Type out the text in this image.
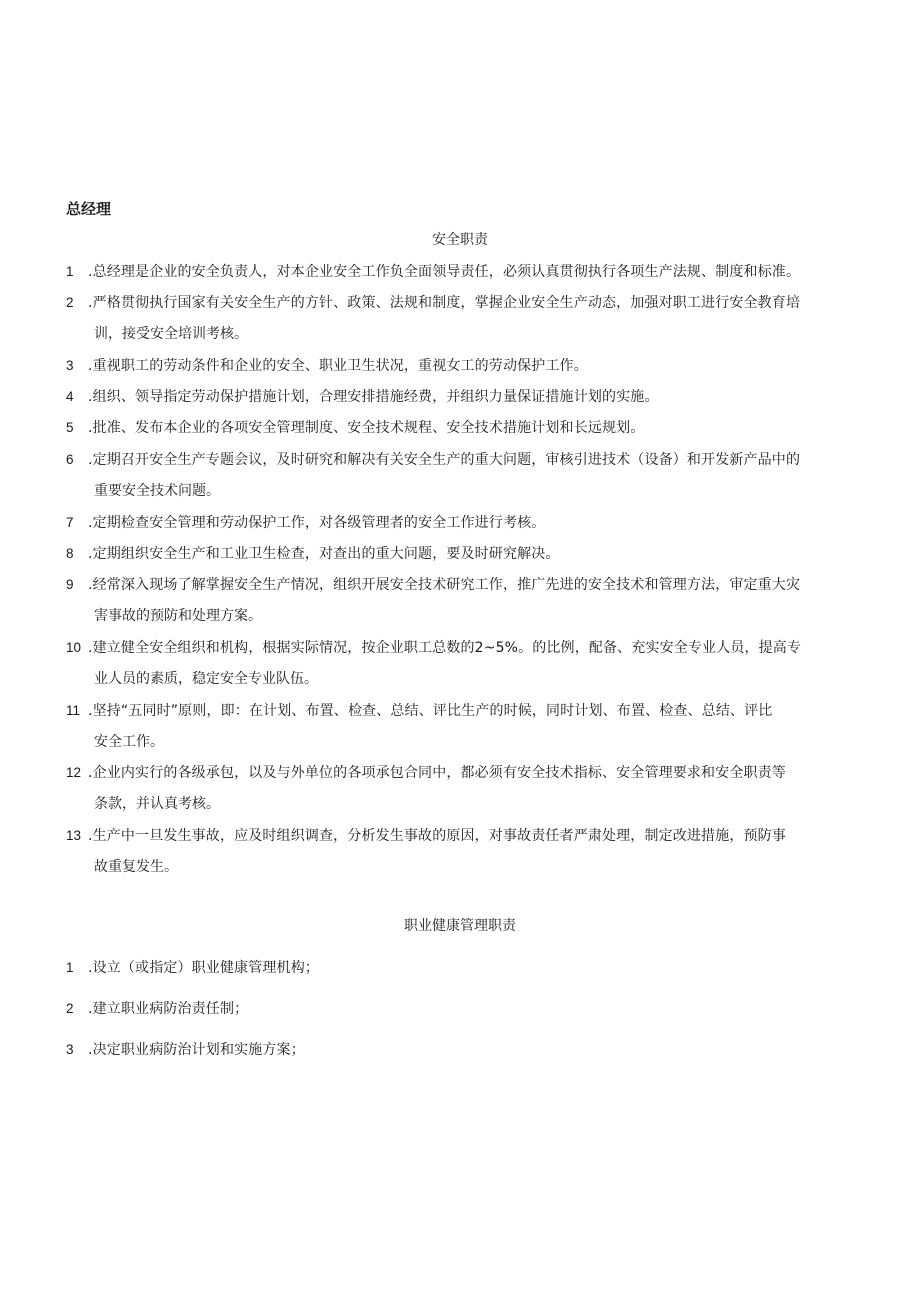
总经理
安全职责
1 .总经理是企业的安全负责人，对本企业安全工作负全面领导责任，必须认真贯彻执行各项生产法规、制度和标准。
2 .严格贯彻执行国家有关安全生产的方针、政策、法规和制度，掌握企业安全生产动态，加强对职工进行安全教育培
训，接受安全培训考核。
3 .重视职工的劳动条件和企业的安全、职业卫生状况，重视女工的劳动保护工作。
4 .组织、领导指定劳动保护措施计划，合理安排措施经费，并组织力量保证措施计划的实施。
5 .批准、发布本企业的各项安全管理制度、安全技术规程、安全技术措施计划和长远规划。
6 .定期召开安全生产专题会议，及时研究和解决有关安全生产的重大问题，审核引进技术（设备）和开发新产品中的
重要安全技术问题。
7 .定期检查安全管理和劳动保护工作，对各级管理者的安全工作进行考核。
8 .定期组织安全生产和工业卫生检查，对查出的重大问题，要及时研究解决。
9 .经常深入现场了解掌握安全生产情况，组织开展安全技术研究工作，推广先进的安全技术和管理方法，审定重大灾
害事故的预防和处理方案。
10 .建立健全安全组织和机构，根据实际情况，按企业职工总数的2~5%。的比例，配备、充实安全专业人员，提高专
业人员的素质，稳定安全专业队伍。
11 .坚持“五同时”原则，即：在计划、布置、检查、总结、评比生产的时候，同时计划、布置、检查、总结、评比
安全工作。
12 .企业内实行的各级承包，以及与外单位的各项承包合同中，都必须有安全技术指标、安全管理要求和安全职责等
条款，并认真考核。
13 .生产中一旦发生事故，应及时组织调查，分析发生事故的原因，对事故责任者严肃处理，制定改进措施，预防事
故重复发生。
职业健康管理职责
1 .设立（或指定）职业健康管理机构；
2 .建立职业病防治责任制；
3 .决定职业病防治计划和实施方案；
